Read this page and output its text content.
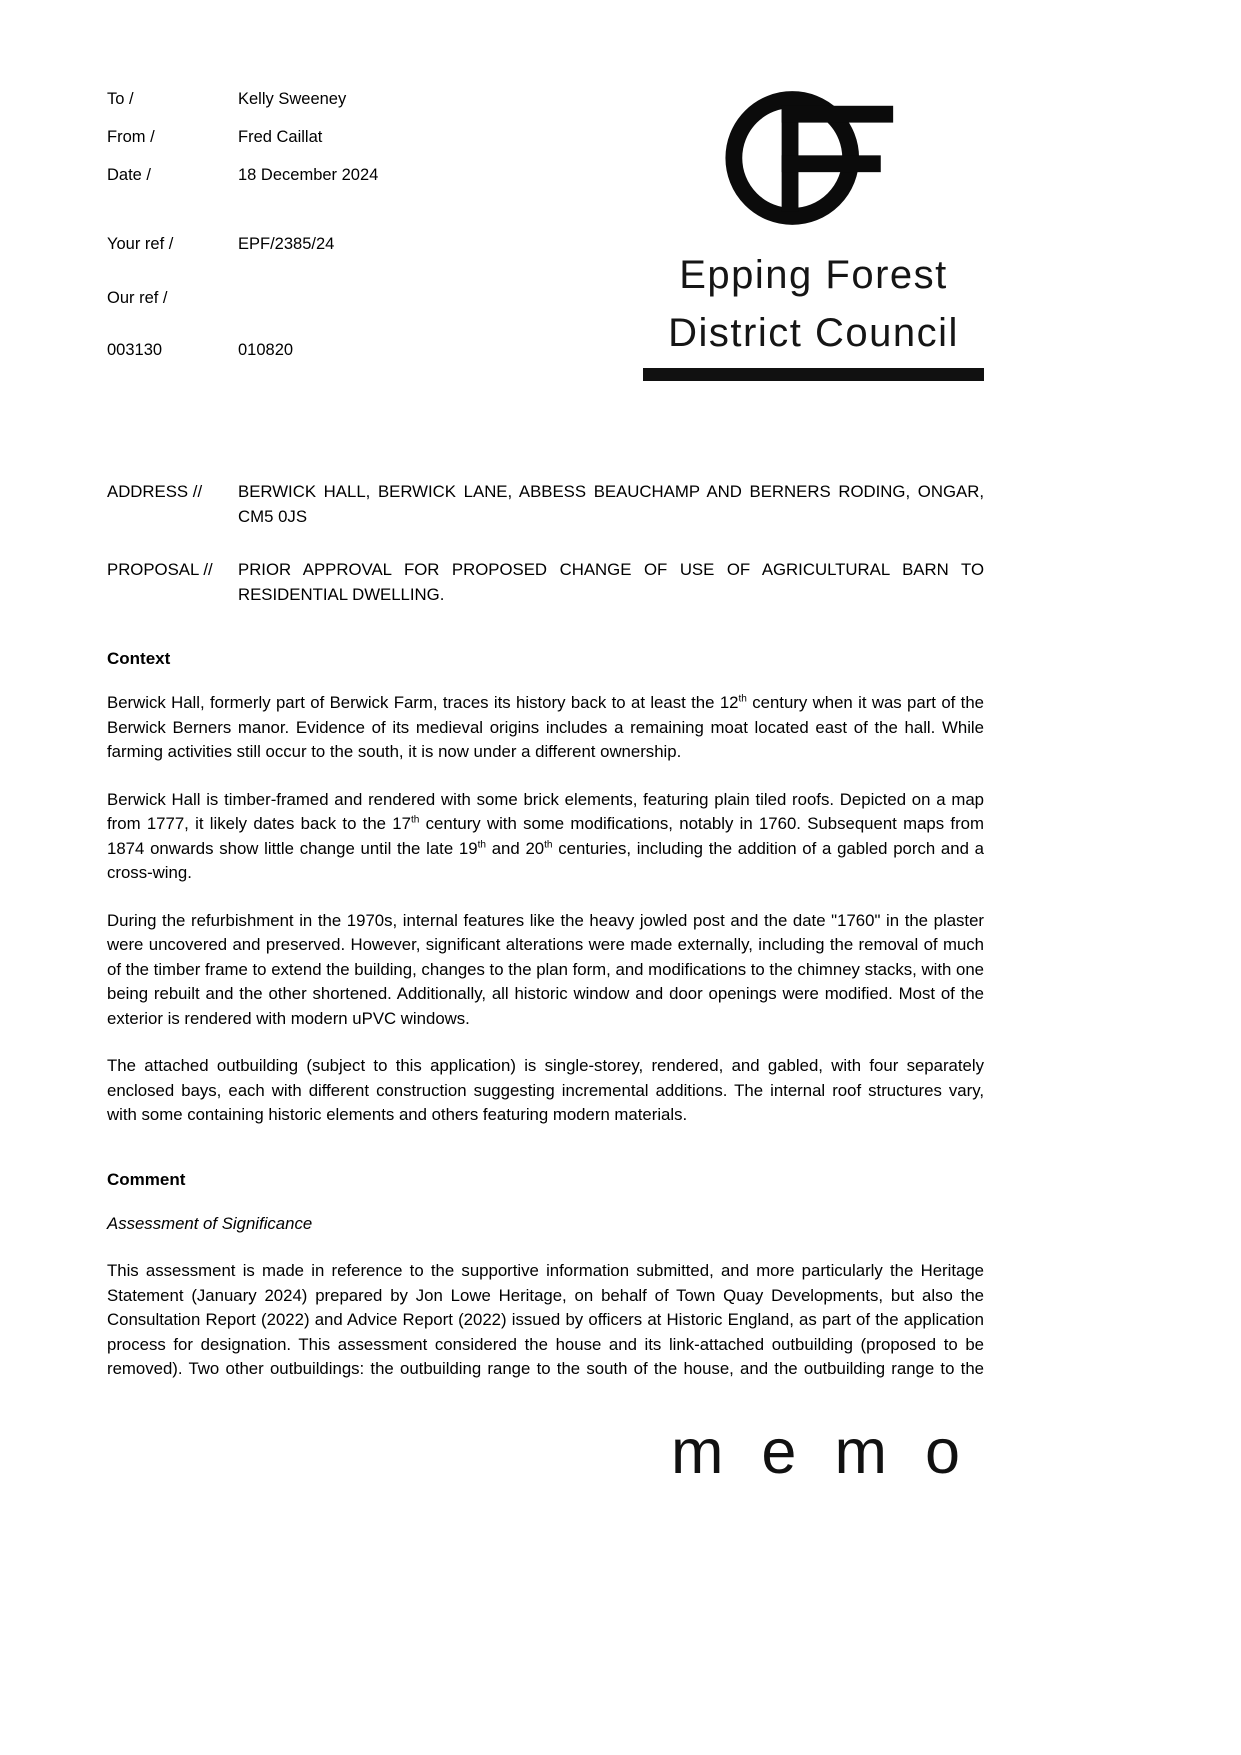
To /	Kelly Sweeney
From /	Fred Caillat
Date /	18 December 2024
Your ref /	EPF/2385/24
Our ref /
003130	010820
Epping Forest
District Council
ADDRESS //	BERWICK HALL, BERWICK LANE, ABBESS BEAUCHAMP AND BERNERS RODING, ONGAR, CM5 0JS
PROPOSAL //	PRIOR APPROVAL FOR PROPOSED CHANGE OF USE OF AGRICULTURAL BARN TO RESIDENTIAL DWELLING.
Context

Berwick Hall, formerly part of Berwick Farm, traces its history back to at least the 12th century when it was part of the Berwick Berners manor. Evidence of its medieval origins includes a remaining moat located east of the hall. While farming activities still occur to the south, it is now under a different ownership.

Berwick Hall is timber-framed and rendered with some brick elements, featuring plain tiled roofs. Depicted on a map from 1777, it likely dates back to the 17th century with some modifications, notably in 1760. Subsequent maps from 1874 onwards show little change until the late 19th and 20th centuries, including the addition of a gabled porch and a cross-wing.

During the refurbishment in the 1970s, internal features like the heavy jowled post and the date "1760" in the plaster were uncovered and preserved. However, significant alterations were made externally, including the removal of much of the timber frame to extend the building, changes to the plan form, and modifications to the chimney stacks, with one being rebuilt and the other shortened. Additionally, all historic window and door openings were modified. Most of the exterior is rendered with modern uPVC windows.

The attached outbuilding (subject to this application) is single-storey, rendered, and gabled, with four separately enclosed bays, each with different construction suggesting incremental additions. The internal roof structures vary, with some containing historic elements and others featuring modern materials.

Comment

Assessment of Significance

This assessment is made in reference to the supportive information submitted, and more particularly the Heritage Statement (January 2024) prepared by Jon Lowe Heritage, on behalf of Town Quay Developments, but also the Consultation Report (2022) and Advice Report (2022) issued by officers at Historic England, as part of the application process for designation. This assessment considered the house and its link-attached outbuilding (proposed to be removed). Two other outbuildings: the outbuilding range to the south of the house, and the outbuilding range to the

memo
